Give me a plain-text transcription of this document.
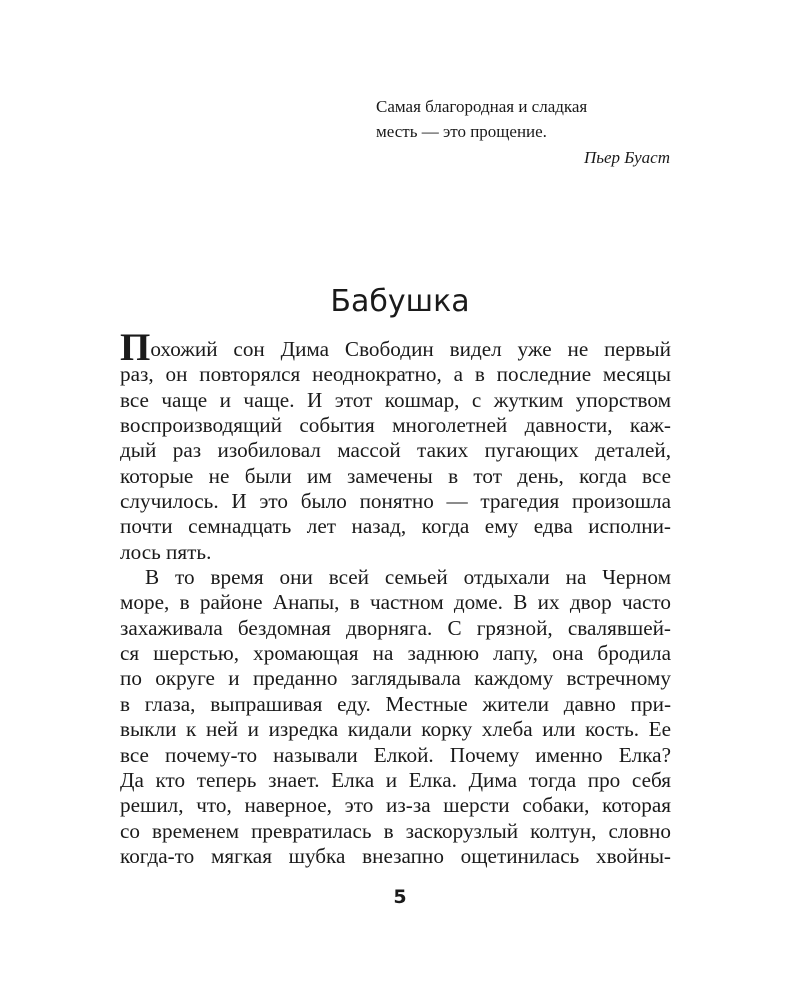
Самая благородная и сладкая
месть — это прощение.
Пьер Буаст
Бабушка
Похожий сон Дима Свободин видел уже не первый
раз, он повторялся неоднократно, а в последние месяцы
все чаще и чаще. И этот кошмар, с жутким упорством
воспроизводящий события многолетней давности, каж-
дый раз изобиловал массой таких пугающих деталей,
которые не были им замечены в тот день, когда все
случилось. И это было понятно — трагедия произошла
почти семнадцать лет назад, когда ему едва исполни-
лось пять.
В то время они всей семьей отдыхали на Черном
море, в районе Анапы, в частном доме. В их двор часто
захаживала бездомная дворняга. С грязной, свалявшей-
ся шерстью, хромающая на заднюю лапу, она бродила
по округе и преданно заглядывала каждому встречному
в глаза, выпрашивая еду. Местные жители давно при-
выкли к ней и изредка кидали корку хлеба или кость. Ее
все почему-то называли Елкой. Почему именно Елка?
Да кто теперь знает. Елка и Елка. Дима тогда про себя
решил, что, наверное, это из-за шерсти собаки, которая
со временем превратилась в заскорузлый колтун, словно
когда-то мягкая шубка внезапно ощетинилась хвойны-
5
